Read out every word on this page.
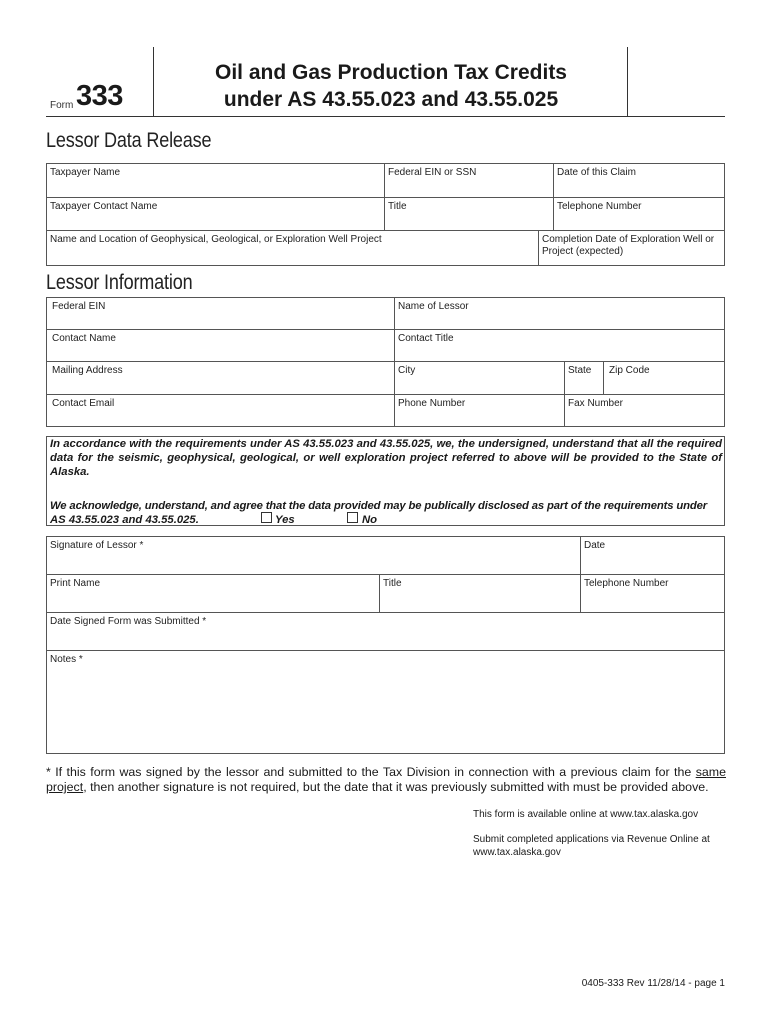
Form 333
Oil and Gas Production Tax Credits
under AS 43.55.023 and 43.55.025
Lessor Data Release
Taxpayer Name	Federal EIN or SSN	Date of this Claim
Taxpayer Contact Name	Title	Telephone Number
Name and Location of Geophysical, Geological, or Exploration Well Project	Completion Date of Exploration Well or
Project (expected)
Lessor Information
Federal EIN	Name of Lessor
Contact Name	Contact Title
Mailing Address	City	State Zip Code
Contact Email	Phone Number	Fax Number
In accordance with the requirements under AS 43.55.023 and 43.55.025, we, the undersigned, understand that all the required data for the seismic, geophysical, geological, or well exploration project referred to above will be provided to the State of Alaska.
We acknowledge, understand, and agree that the data provided may be publically disclosed as part of the requirements under
AS 43.55.023 and 43.55.025.	Yes	No
Signature of Lessor *	Date
Print Name	Title	Telephone Number
Date Signed Form was Submitted *
Notes *
* If this form was signed by the lessor and submitted to the Tax Division in connection with a previous claim for the same project, then another signature is not required, but the date that it was previously submitted with must be provided above.
This form is available online at www.tax.alaska.gov
Submit completed applications via Revenue Online at
www.tax.alaska.gov
0405-333 Rev 11/28/14 - page 1
